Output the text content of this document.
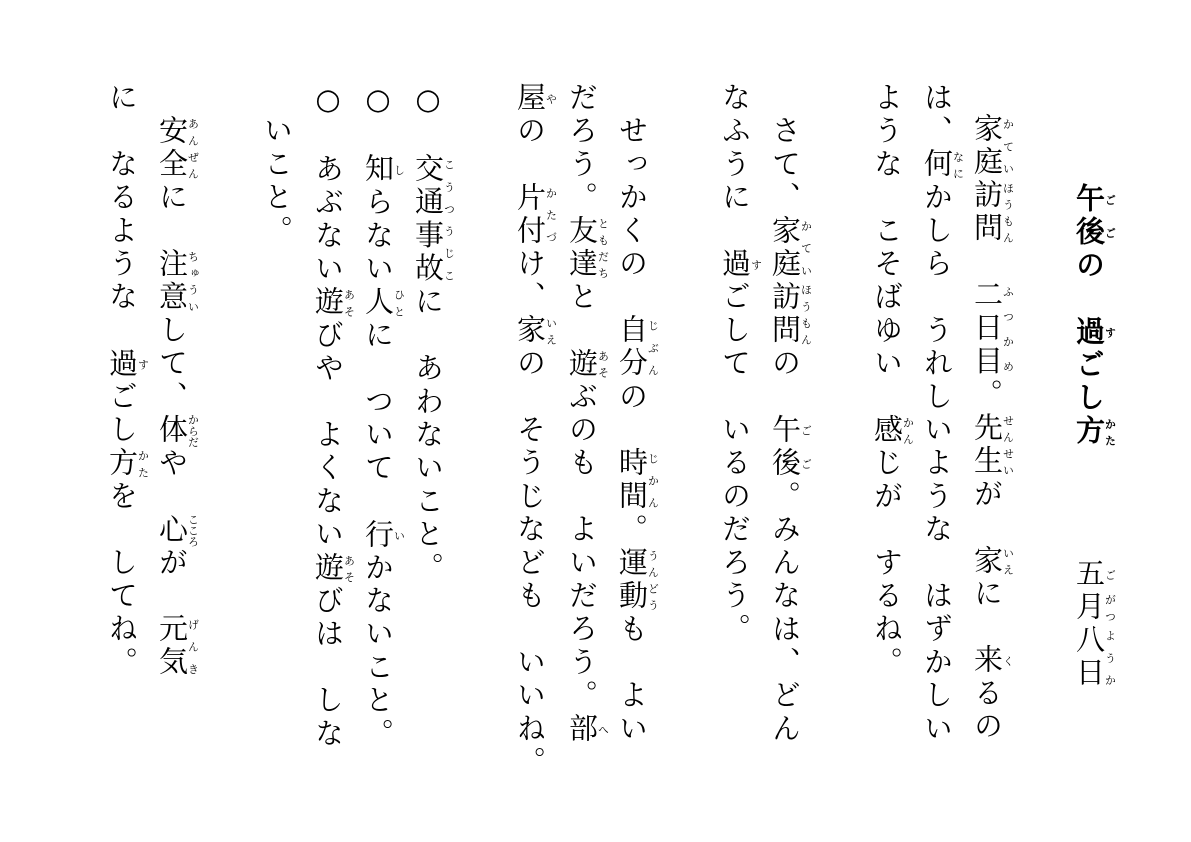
午ご後ごの　過すごし方かた
五ご月がつ八日ようか
家庭かてい訪問ほうもん　二日目ふつかめ。先生せんせいが　家いえに　来くるの
は、何なにかしら　うれしいような　はずかしい
ような　こそばゆい　感かんじが　するね。
　さて、家庭かてい訪問ほうもんの　午後ごご。みんなは、どん
なふうに　過すごして　いるのだろう。
　せっかくの　自分じぶんの　時間じかん。運動うんどうも　よい
だろう。友達ともだちと　遊あそぶのも　よいだろう。部へ
屋やの　片付かたづけ、家いえの　そうじなども　いいね。
○　交通事故こうつうじこに　あわないこと。
○　知しらない人ひとに　ついて　行いかないこと。
○　あぶない遊あそびや　よくない遊あそびは　しな
　いこと。
　安全あんぜんに　注意ちゅういして、体からだや　心こころが　元気げんき
に　なるような　過すごし方かたを　してね。
